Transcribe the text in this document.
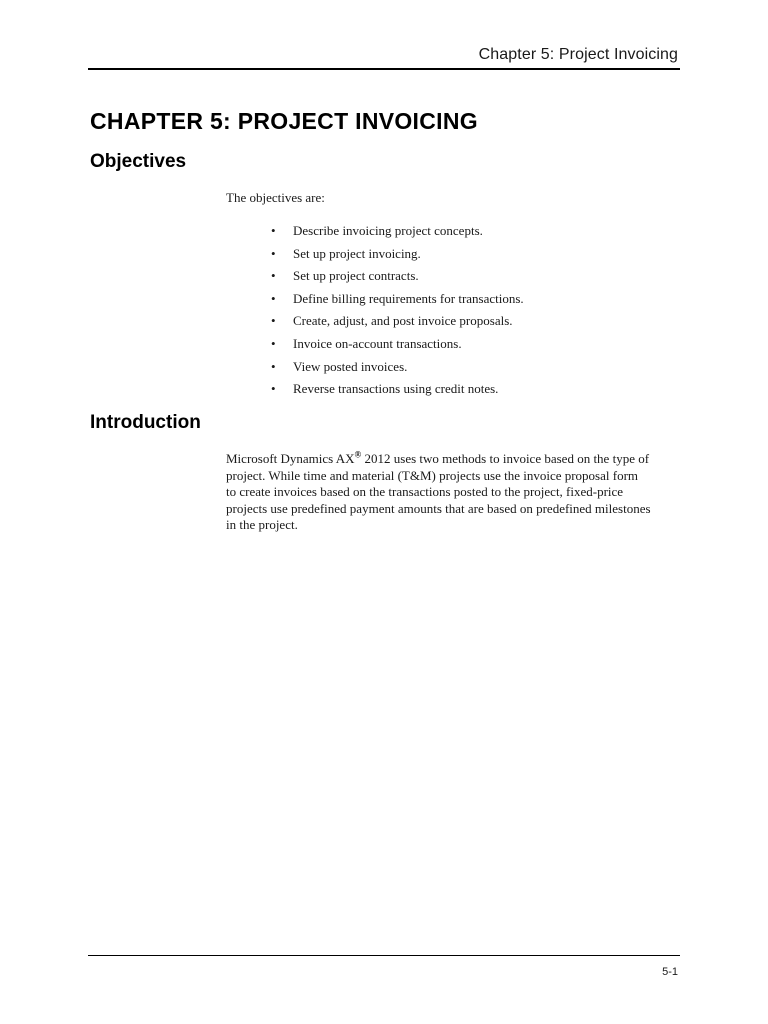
Chapter 5: Project Invoicing
CHAPTER 5: PROJECT INVOICING
Objectives

The objectives are:

• Describe invoicing project concepts.
• Set up project invoicing.
• Set up project contracts.
• Define billing requirements for transactions.
• Create, adjust, and post invoice proposals.
• Invoice on-account transactions.
• View posted invoices.
• Reverse transactions using credit notes.
Introduction

Microsoft Dynamics AX® 2012 uses two methods to invoice based on the type of
project. While time and material (T&M) projects use the invoice proposal form
to create invoices based on the transactions posted to the project, fixed-price
projects use predefined payment amounts that are based on predefined milestones
in the project.

5-1
